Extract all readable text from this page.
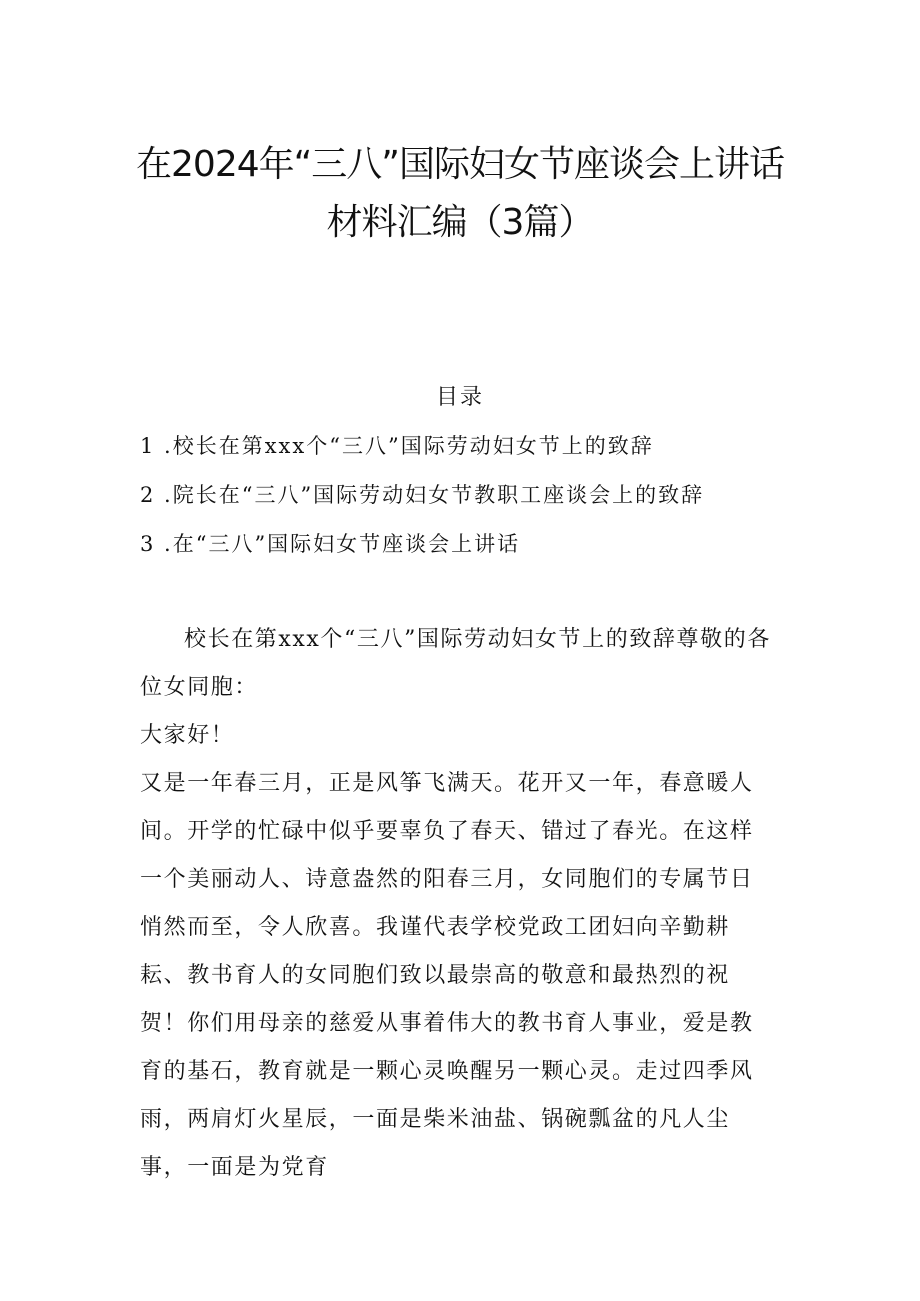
在2024年“三八”国际妇女节座谈会上讲话
材料汇编（3篇）
目录
1 .校长在第xxx个“三八”国际劳动妇女节上的致辞
2 .院长在“三八”国际劳动妇女节教职工座谈会上的致辞
3 .在“三八”国际妇女节座谈会上讲话

校长在第xxx个“三八”国际劳动妇女节上的致辞尊敬的各位女同胞：

大家好！

又是一年春三月，正是风筝飞满天。花开又一年，春意暖人间。开学的忙碌中似乎要辜负了春天、错过了春光。在这样一个美丽动人、诗意盎然的阳春三月，女同胞们的专属节日悄然而至，令人欣喜。我谨代表学校党政工团妇向辛勤耕耘、教书育人的女同胞们致以最崇高的敬意和最热烈的祝贺！你们用母亲的慈爱从事着伟大的教书育人事业，爱是教育的基石，教育就是一颗心灵唤醒另一颗心灵。走过四季风雨，两肩灯火星辰，一面是柴米油盐、锅碗瓢盆的凡人尘事，一面是为党育
